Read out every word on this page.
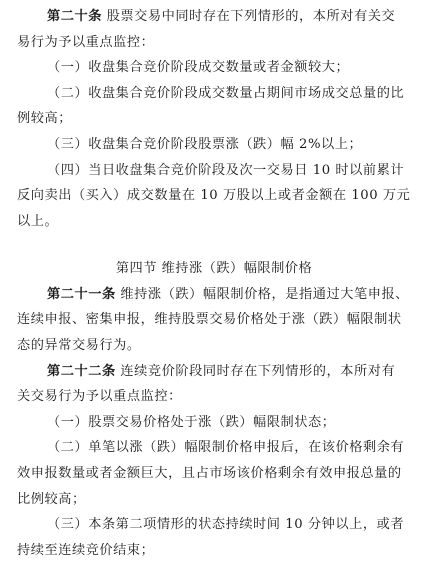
第二十条 股票交易中同时存在下列情形的，本所对有关交
易行为予以重点监控：
（一）收盘集合竞价阶段成交数量或者金额较大；
（二）收盘集合竞价阶段成交数量占期间市场成交总量的比
例较高；
（三）收盘集合竞价阶段股票涨（跌）幅 2%以上；
（四）当日收盘集合竞价阶段及次一交易日 10 时以前累计
反向卖出（买入）成交数量在 10 万股以上或者金额在 100 万元
以上。
第四节 维持涨（跌）幅限制价格
第二十一条 维持涨（跌）幅限制价格，是指通过大笔申报、
连续申报、密集申报，维持股票交易价格处于涨（跌）幅限制状
态的异常交易行为。
第二十二条 连续竞价阶段同时存在下列情形的，本所对有
关交易行为予以重点监控：
（一）股票交易价格处于涨（跌）幅限制状态；
（二）单笔以涨（跌）幅限制价格申报后，在该价格剩余有
效申报数量或者金额巨大，且占市场该价格剩余有效申报总量的
比例较高；
（三）本条第二项情形的状态持续时间 10 分钟以上，或者
持续至连续竞价结束；
